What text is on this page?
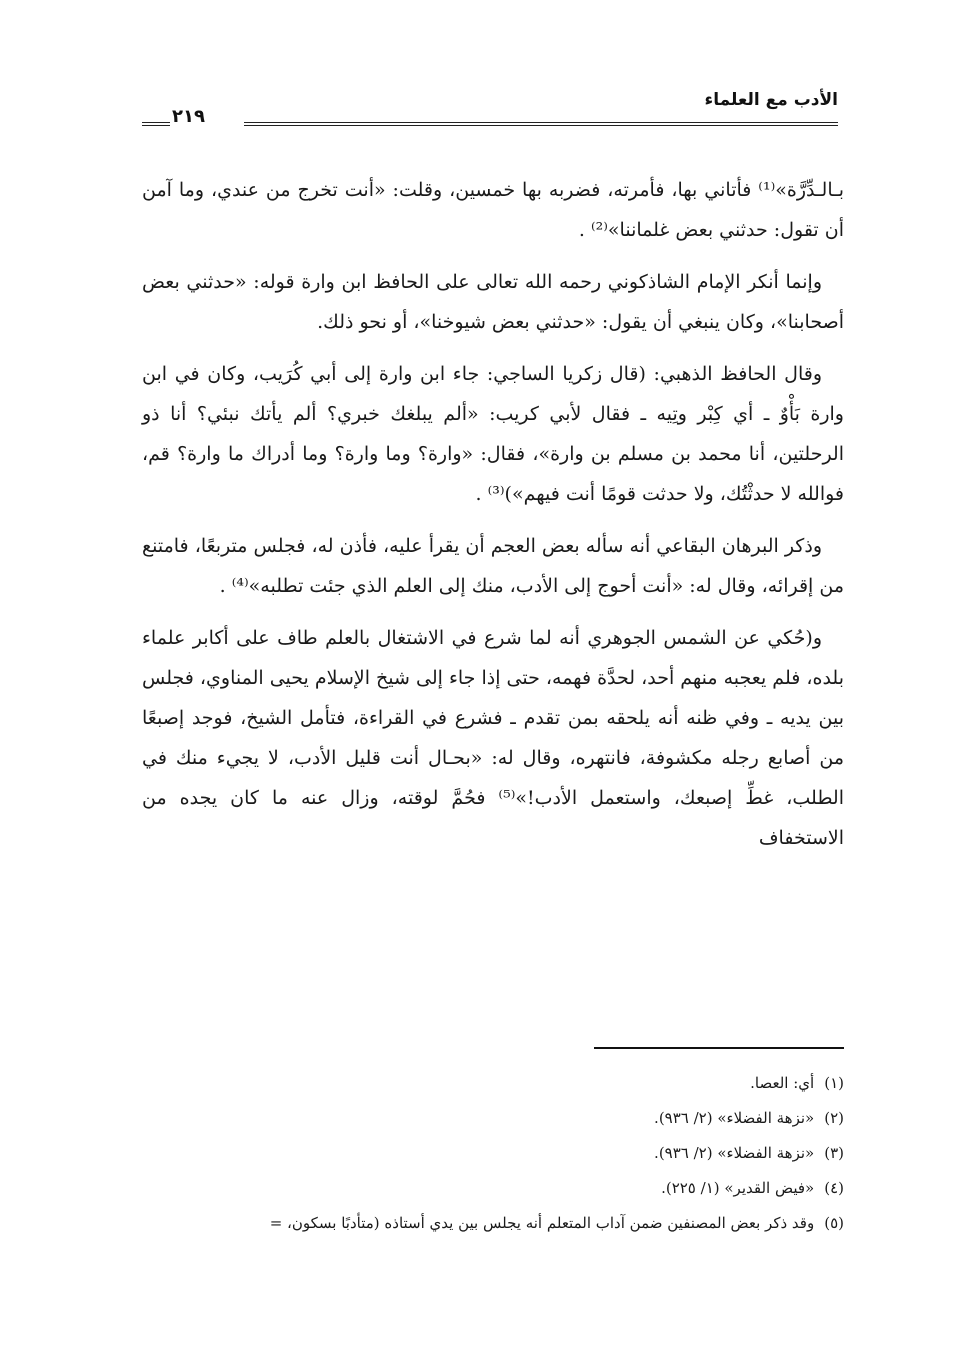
الأدب مع العلماء
٢١٩

بـالـدِّرَّة»⁽¹⁾ فأتاني بها، فأمرته، فضربه بها خمسين، وقلت: «أنت تخرج من عندي، وما آمن أن تقول: حدثني بعض غلماننا»⁽²⁾ .

وإنما أنكر الإمام الشاذكوني رحمه الله تعالى على الحافظ ابن وارة قوله: «حدثني بعض أصحابنا»، وكان ينبغي أن يقول: «حدثني بعض شيوخنا»، أو نحو ذلك.

وقال الحافظ الذهبي: (قال زكريا الساجي: جاء ابن وارة إلى أبي كُرَيب، وكان في ابن وارة بَأْوٌ ـ أي كِبْر وتِيه ـ فقال لأبي كريب: «ألم يبلغك خبري؟ ألم يأتك نبئي؟ أنا ذو الرحلتين، أنا محمد بن مسلم بن وارة»، فقال: «وارة؟ وما وارة؟ وما أدراك ما وارة؟ قم، فوالله لا حدثْتُك، ولا حدثت قومًا أنت فيهم»)⁽³⁾ .

وذكر البرهان البقاعي أنه سأله بعض العجم أن يقرأ عليه، فأذن له، فجلس متربعًا، فامتنع من إقرائه، وقال له: «أنت أحوج إلى الأدب، منك إلى العلم الذي جئت تطلبه»⁽⁴⁾ .

و(حُكي عن الشمس الجوهري أنه لما شرع في الاشتغال بالعلم طاف على أكابر علماء بلده، فلم يعجبه منهم أحد، لحدَّة فهمه، حتى إذا جاء إلى شيخ الإسلام يحيى المناوي، فجلس بين يديه ـ وفي ظنه أنه يلحقه بمن تقدم ـ فشرع في القراءة، فتأمل الشيخ، فوجد إصبعًا من أصابع رجله مكشوفة، فانتهره، وقال له: «بحـال أنت قليل الأدب، لا يجيء منك في الطلب، غطِّ إصبعك، واستعمل الأدب!»⁽⁵⁾ فحُمَّ لوقته، وزال عنه ما كان يجده من الاستخفاف

(١)أي: العصا.
(٢)«نزهة الفضلاء» (٢/ ٩٣٦).
(٣)«نزهة الفضلاء» (٢/ ٩٣٦).
(٤)«فيض القدير» (١/ ٢٢٥).
(٥)وقد ذكر بعض المصنفين ضمن آداب المتعلم أنه يجلس بين يدي أستاذه (متأدبًا بسكون، =
